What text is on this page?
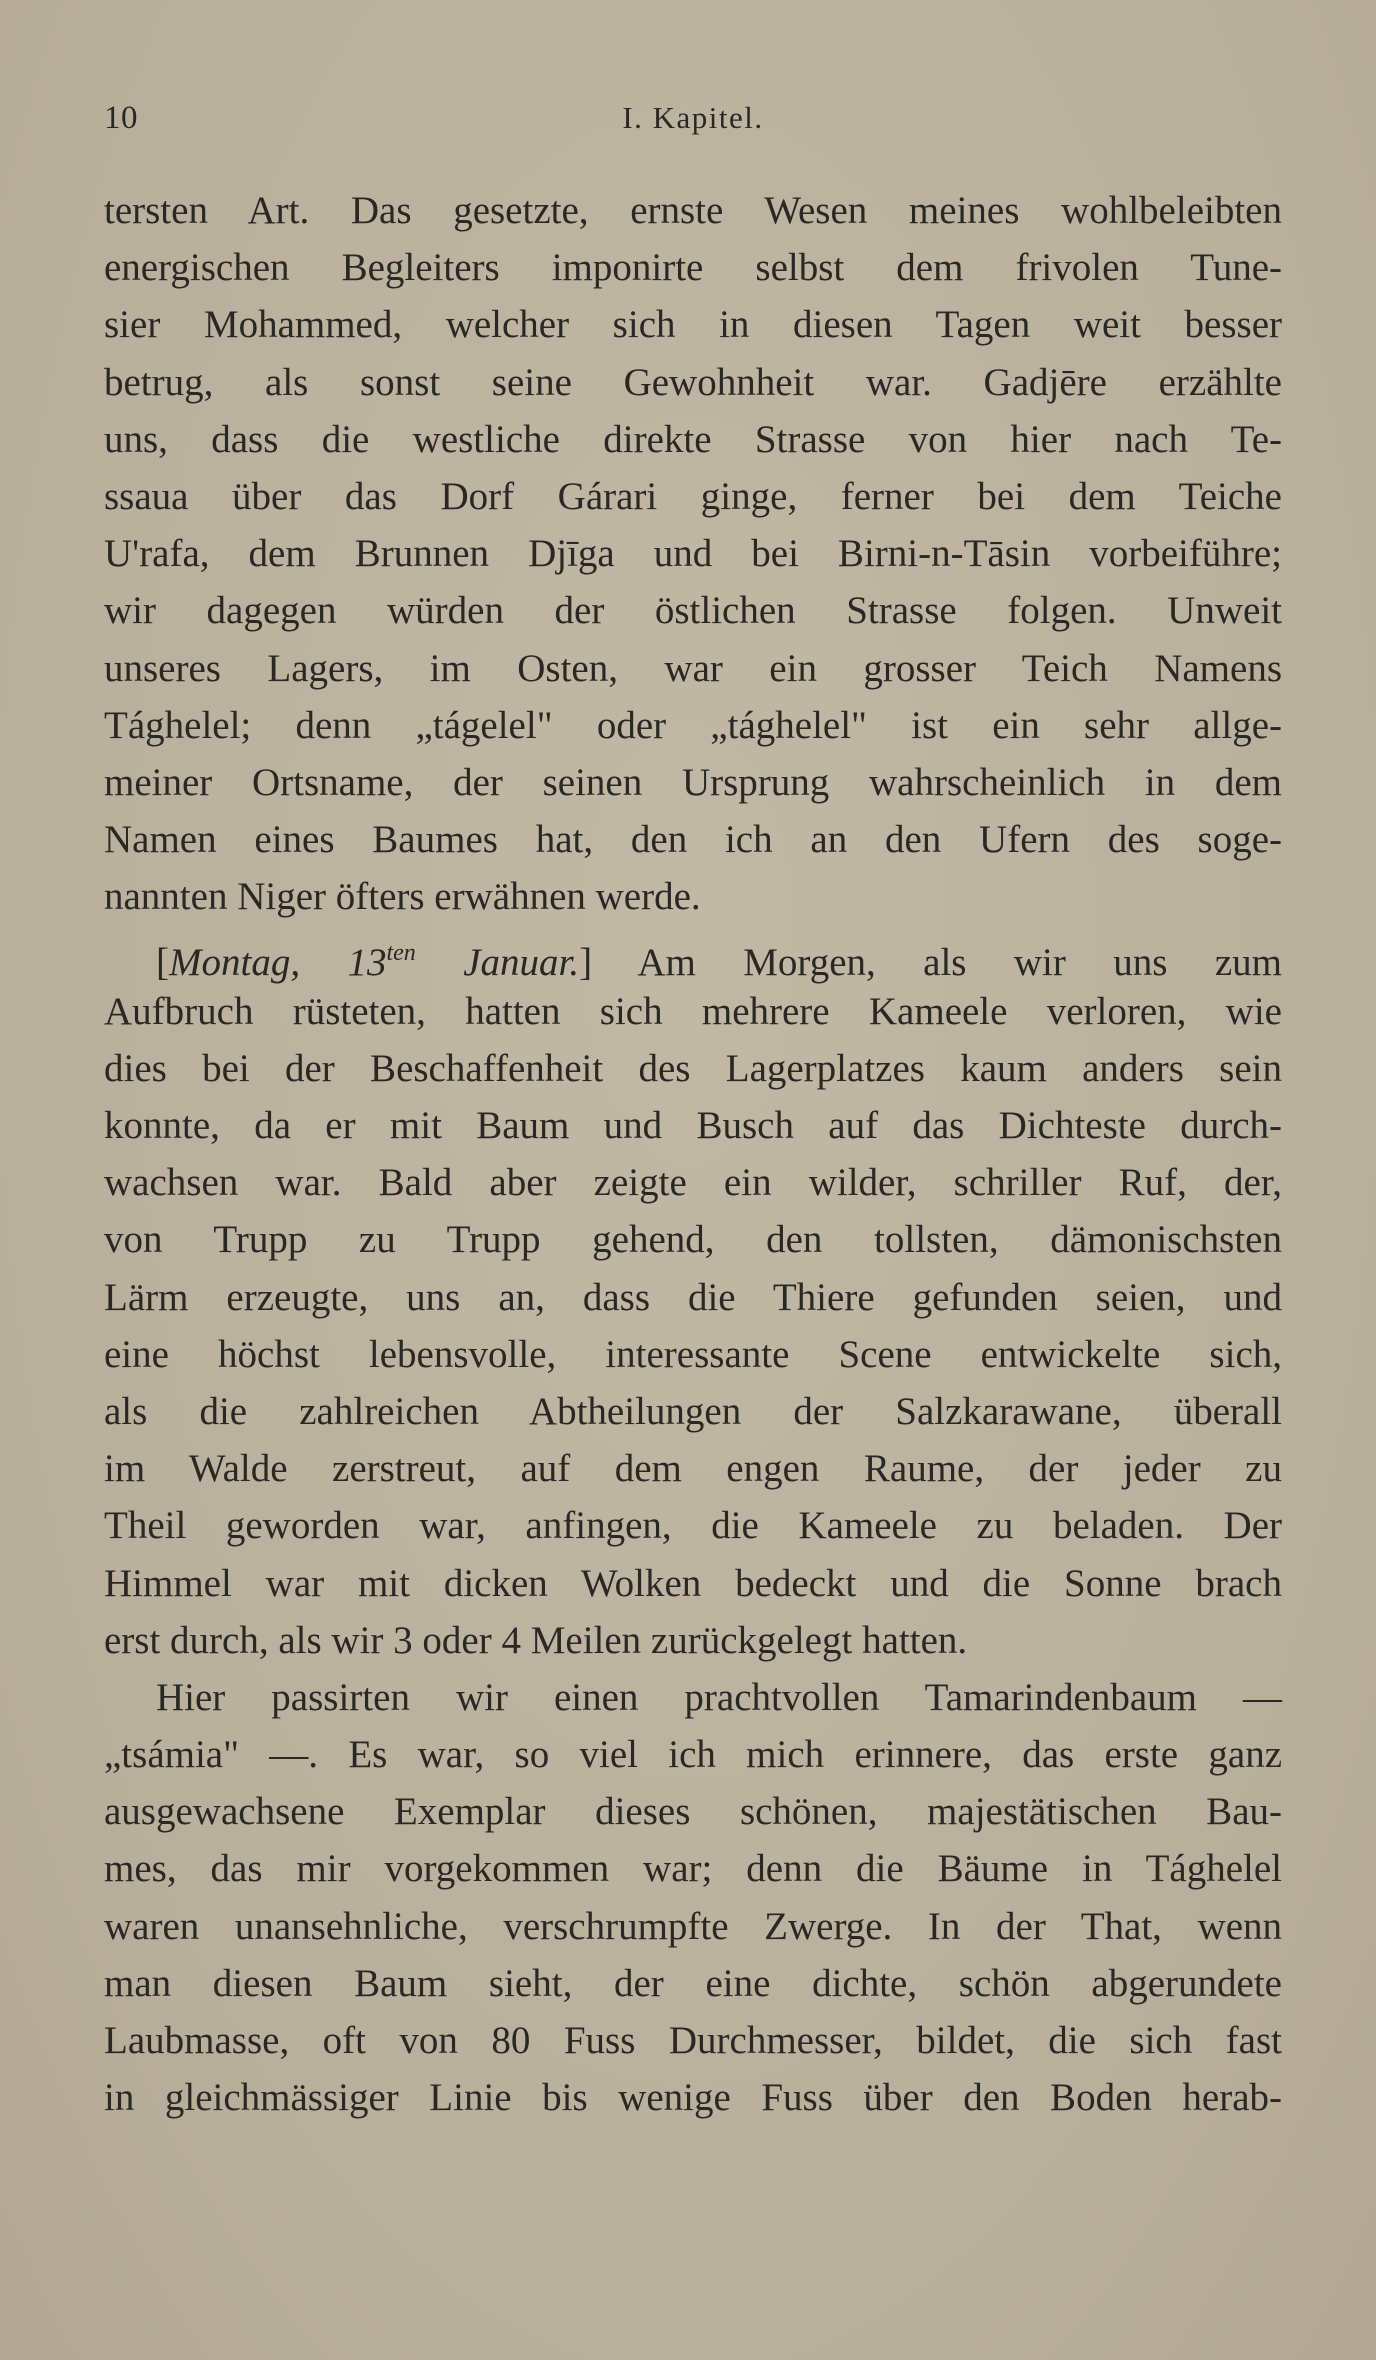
10	I. Kapitel.
tersten Art. Das gesetzte, ernste Wesen meines wohlbeleibten
energischen Begleiters imponirte selbst dem frivolen Tune-
sier Mohammed, welcher sich in diesen Tagen weit besser
betrug, als sonst seine Gewohnheit war. Gadjēre erzählte
uns, dass die westliche direkte Strasse von hier nach Te-
ssaua über das Dorf Gárari ginge, ferner bei dem Teiche
U'rafa, dem Brunnen Djīga und bei Birni-n-Tāsin vorbeiführe;
wir dagegen würden der östlichen Strasse folgen. Unweit
unseres Lagers, im Osten, war ein grosser Teich Namens
Tághelel; denn „tágelel" oder „tághelel" ist ein sehr allge-
meiner Ortsname, der seinen Ursprung wahrscheinlich in dem
Namen eines Baumes hat, den ich an den Ufern des soge-
nannten Niger öfters erwähnen werde.
[Montag, $13^{ten}$ Januar.] Am Morgen, als wir uns zum
Aufbruch rüsteten, hatten sich mehrere Kameele verloren, wie
dies bei der Beschaffenheit des Lagerplatzes kaum anders sein
konnte, da er mit Baum und Busch auf das Dichteste durch-
wachsen war. Bald aber zeigte ein wilder, schriller Ruf, der,
von Trupp zu Trupp gehend, den tollsten, dämonischsten
Lärm erzeugte, uns an, dass die Thiere gefunden seien, und
eine höchst lebensvolle, interessante Scene entwickelte sich,
als die zahlreichen Abtheilungen der Salzkarawane, überall
im Walde zerstreut, auf dem engen Raume, der jeder zu
Theil geworden war, anfingen, die Kameele zu beladen. Der
Himmel war mit dicken Wolken bedeckt und die Sonne brach
erst durch, als wir 3 oder 4 Meilen zurückgelegt hatten.
Hier passirten wir einen prachtvollen Tamarindenbaum —
„tsámia" —. Es war, so viel ich mich erinnere, das erste ganz
ausgewachsene Exemplar dieses schönen, majestätischen Bau-
mes, das mir vorgekommen war; denn die Bäume in Tághelel
waren unansehnliche, verschrumpfte Zwerge. In der That, wenn
man diesen Baum sieht, der eine dichte, schön abgerundete
Laubmasse, oft von 80 Fuss Durchmesser, bildet, die sich fast
in gleichmässiger Linie bis wenige Fuss über den Boden herab-
